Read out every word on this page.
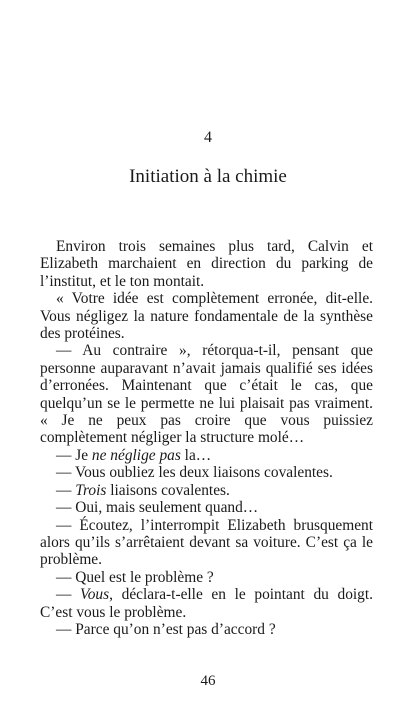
4
Initiation à la chimie

Environ trois semaines plus tard, Calvin et Elizabeth marchaient en direction du parking de l’institut, et le ton montait.

« Votre idée est complètement erronée, dit-elle. Vous négligez la nature fondamentale de la synthèse des protéines.

— Au contraire », rétorqua-t-il, pensant que personne auparavant n’avait jamais qualifié ses idées d’erronées. Maintenant que c’était le cas, que quelqu’un se le permette ne lui plaisait pas vraiment. « Je ne peux pas croire que vous puissiez complètement négliger la structure molé…

— Je ne néglige pas la…

— Vous oubliez les deux liaisons covalentes.

— Trois liaisons covalentes.

— Oui, mais seulement quand…

— Écoutez, l’interrompit Elizabeth brusquement alors qu’ils s’arrêtaient devant sa voiture. C’est ça le problème.

— Quel est le problème ?

— Vous, déclara-t-elle en le pointant du doigt. C’est vous le problème.

— Parce qu’on n’est pas d’accord ?

46
